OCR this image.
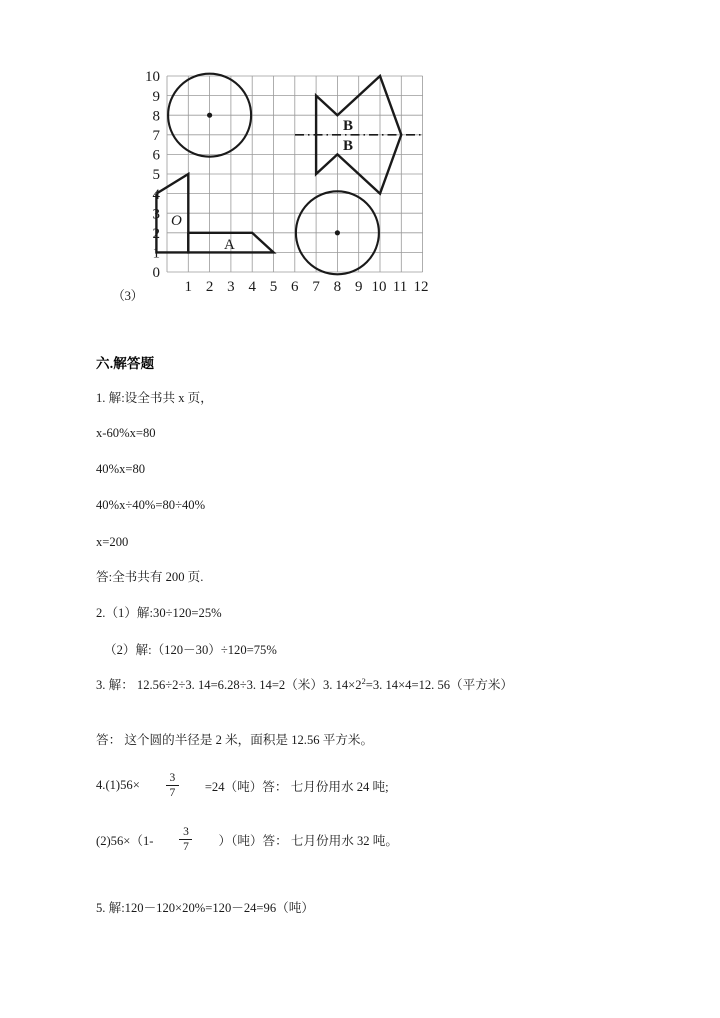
（3）
10
9
8
7
6
5
4
3
2
1
0
1 2 3 4 5 6 7 8 9 10 11 12
O
A
B
B
六.解答题
1. 解:设全书共 x 页，
x-60%x=80
40%x=80
40%x÷40%=80÷40%
x=200
答:全书共有 200 页.
2.（1）解:30÷120=25%
（2）解:（120－30）÷120=75%
3. 解： 12.56÷2÷3. 14=6.28÷3. 14=2（米）3. $14\times 2^2=3$. 14×4=12. 56（平方米）
答： 这个圆的半径是 2 米，面积是 12.56 平方米。
$4.(1)56\times \frac{3}{7} =24$（吨）答： 七月份用水 24 吨;
$(2)56\times(1- \frac{3}{7}$ ）（吨）答： 七月份用水 32 吨。
5. 解:120－120×20%=120－24=96（吨）
